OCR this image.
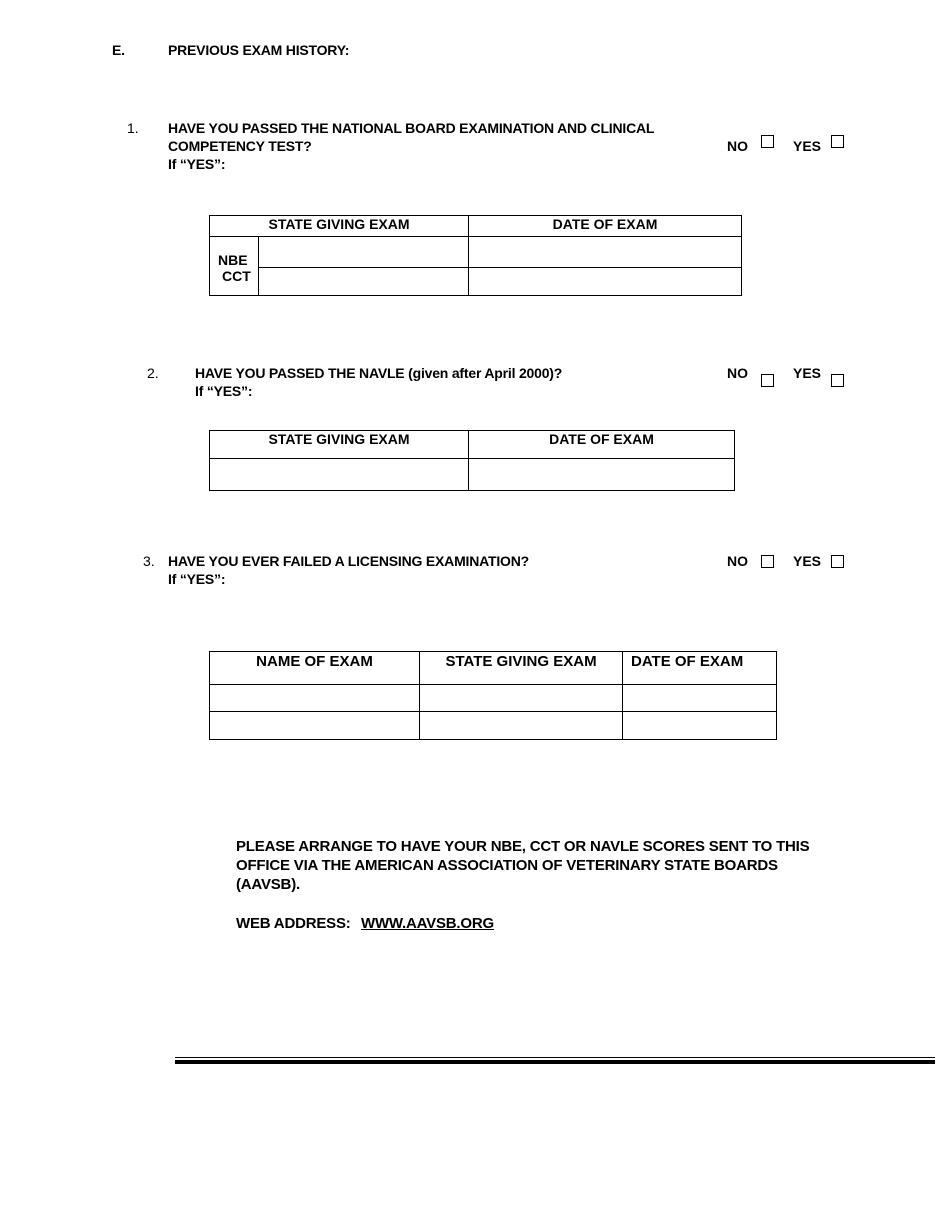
E.	PREVIOUS EXAM HISTORY:
1. HAVE YOU PASSED THE NATIONAL BOARD EXAMINATION AND CLINICAL
COMPETENCY TEST?
If “YES”:
NO	YES
STATE GIVING EXAM		DATE OF EXAM
NBE		
CCT		
2.	HAVE YOU PASSED THE NAVLE (given after April 2000)?
If “YES”:
NO	YES
STATE GIVING EXAM	DATE OF EXAM

3. HAVE YOU EVER FAILED A LICENSING EXAMINATION?
If “YES”:
NO	YES
NAME OF EXAM	STATE GIVING EXAM	DATE OF EXAM

PLEASE ARRANGE TO HAVE YOUR NBE, CCT OR NAVLE SCORES SENT TO THIS
OFFICE VIA THE AMERICAN ASSOCIATION OF VETERINARY STATE BOARDS
(AAVSB).
WEB ADDRESS: WWW.AAVSB.ORG
